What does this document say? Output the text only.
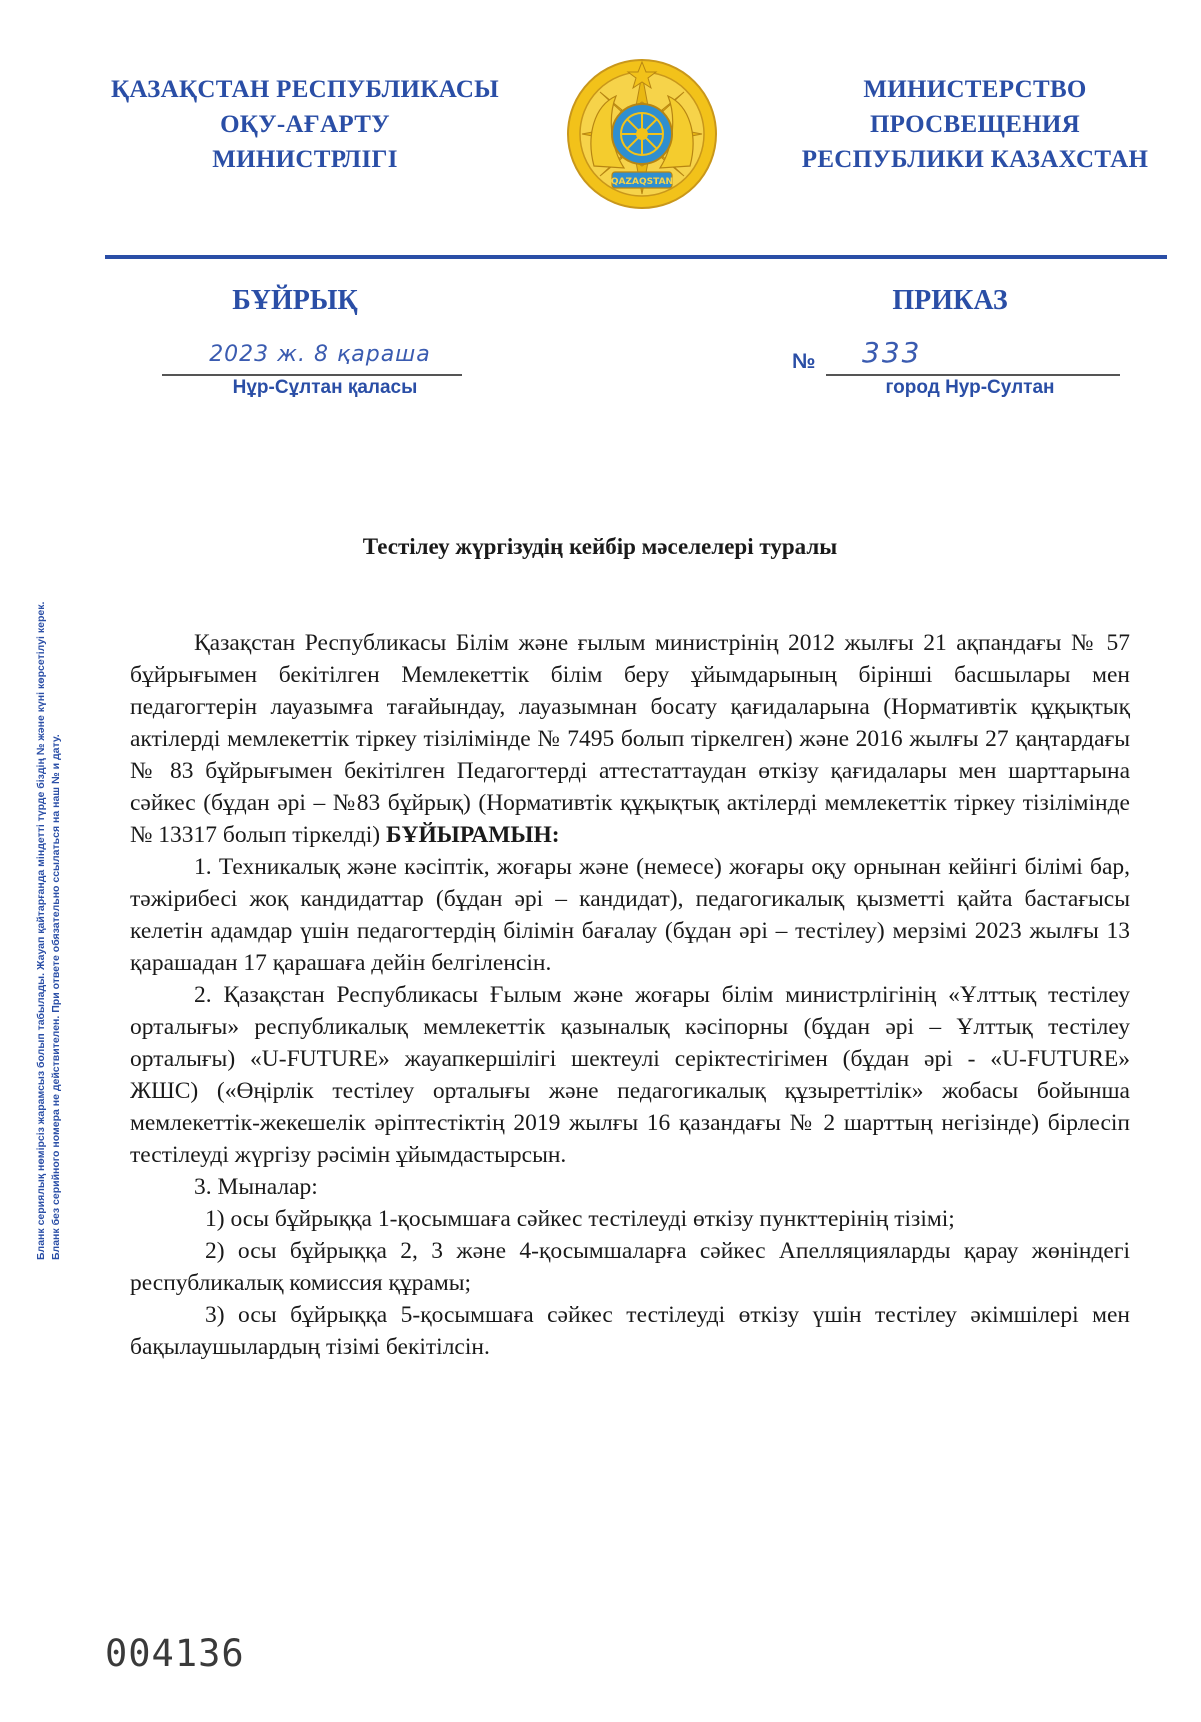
ҚАЗАҚСТАН РЕСПУБЛИКАСЫ
ОҚУ-АҒАРТУ
МИНИСТРЛІГІ
МИНИСТЕРСТВО
ПРОСВЕЩЕНИЯ
РЕСПУБЛИКИ КАЗАХСТАН
QAZAQSTAN
БҰЙРЫҚ	ПРИКАЗ
2023 ж. 8 қараша
Нұр-Сұлтан қаласы
№ 333
город Нур-Султан
Бланк сериялық нөмірсіз жарамсыз болып табылады. Жауап қайтарғанда міндетті түрде біздің № және күні көрсетілуі керек. Бланк без серийного номера не действителен. При ответе обязательно ссылаться на наш № и дату.
Тестілеу жүргізудің кейбір мәселелері туралы

Қазақстан Республикасы Білім және ғылым министрінің 2012 жылғы 21 ақпандағы № 57 бұйрығымен бекітілген Мемлекеттік білім беру ұйымдарының бірінші басшылары мен педагогтерін лауазымға тағайындау, лауазымнан босату қағидаларына (Нормативтік құқықтық актілерді мемлекеттік тіркеу тізілімінде № 7495 болып тіркелген) және 2016 жылғы 27 қаңтардағы № 83 бұйрығымен бекітілген Педагогтерді аттестаттаудан өткізу қағидалары мен шарттарына сәйкес (бұдан әрі – №83 бұйрық) (Нормативтік құқықтық актілерді мемлекеттік тіркеу тізілімінде № 13317 болып тіркелді) БҰЙЫРАМЫН:

1. Техникалық және кәсіптік, жоғары және (немесе) жоғары оқу орнынан кейінгі білімі бар, тәжірибесі жоқ кандидаттар (бұдан әрі – кандидат), педагогикалық қызметті қайта бастағысы келетін адамдар үшін педагогтердің білімін бағалау (бұдан әрі – тестілеу) мерзімі 2023 жылғы 13 қарашадан 17 қарашаға дейін белгіленсін.

2. Қазақстан Республикасы Ғылым және жоғары білім министрлігінің «Ұлттық тестілеу орталығы» республикалық мемлекеттік қазыналық кәсіпорны (бұдан әрі – Ұлттық тестілеу орталығы) «U-FUTURE» жауапкершілігі шектеулі серіктестігімен (бұдан әрі - «U-FUTURE» ЖШС) («Өңірлік тестілеу орталығы және педагогикалық құзыреттілік» жобасы бойынша мемлекеттік-жекешелік әріптестіктің 2019 жылғы 16 қазандағы № 2 шарттың негізінде) бірлесіп тестілеуді жүргізу рәсімін ұйымдастырсын.

3. Мыналар:

1) осы бұйрыққа 1-қосымшаға сәйкес тестілеуді өткізу пункттерінің тізімі;

2) осы бұйрыққа 2, 3 және 4-қосымшаларға сәйкес Апелляцияларды қарау жөніндегі республикалық комиссия құрамы;

3) осы бұйрыққа 5-қосымшаға сәйкес тестілеуді өткізу үшін тестілеу әкімшілері мен бақылаушылардың тізімі бекітілсін.

004136
